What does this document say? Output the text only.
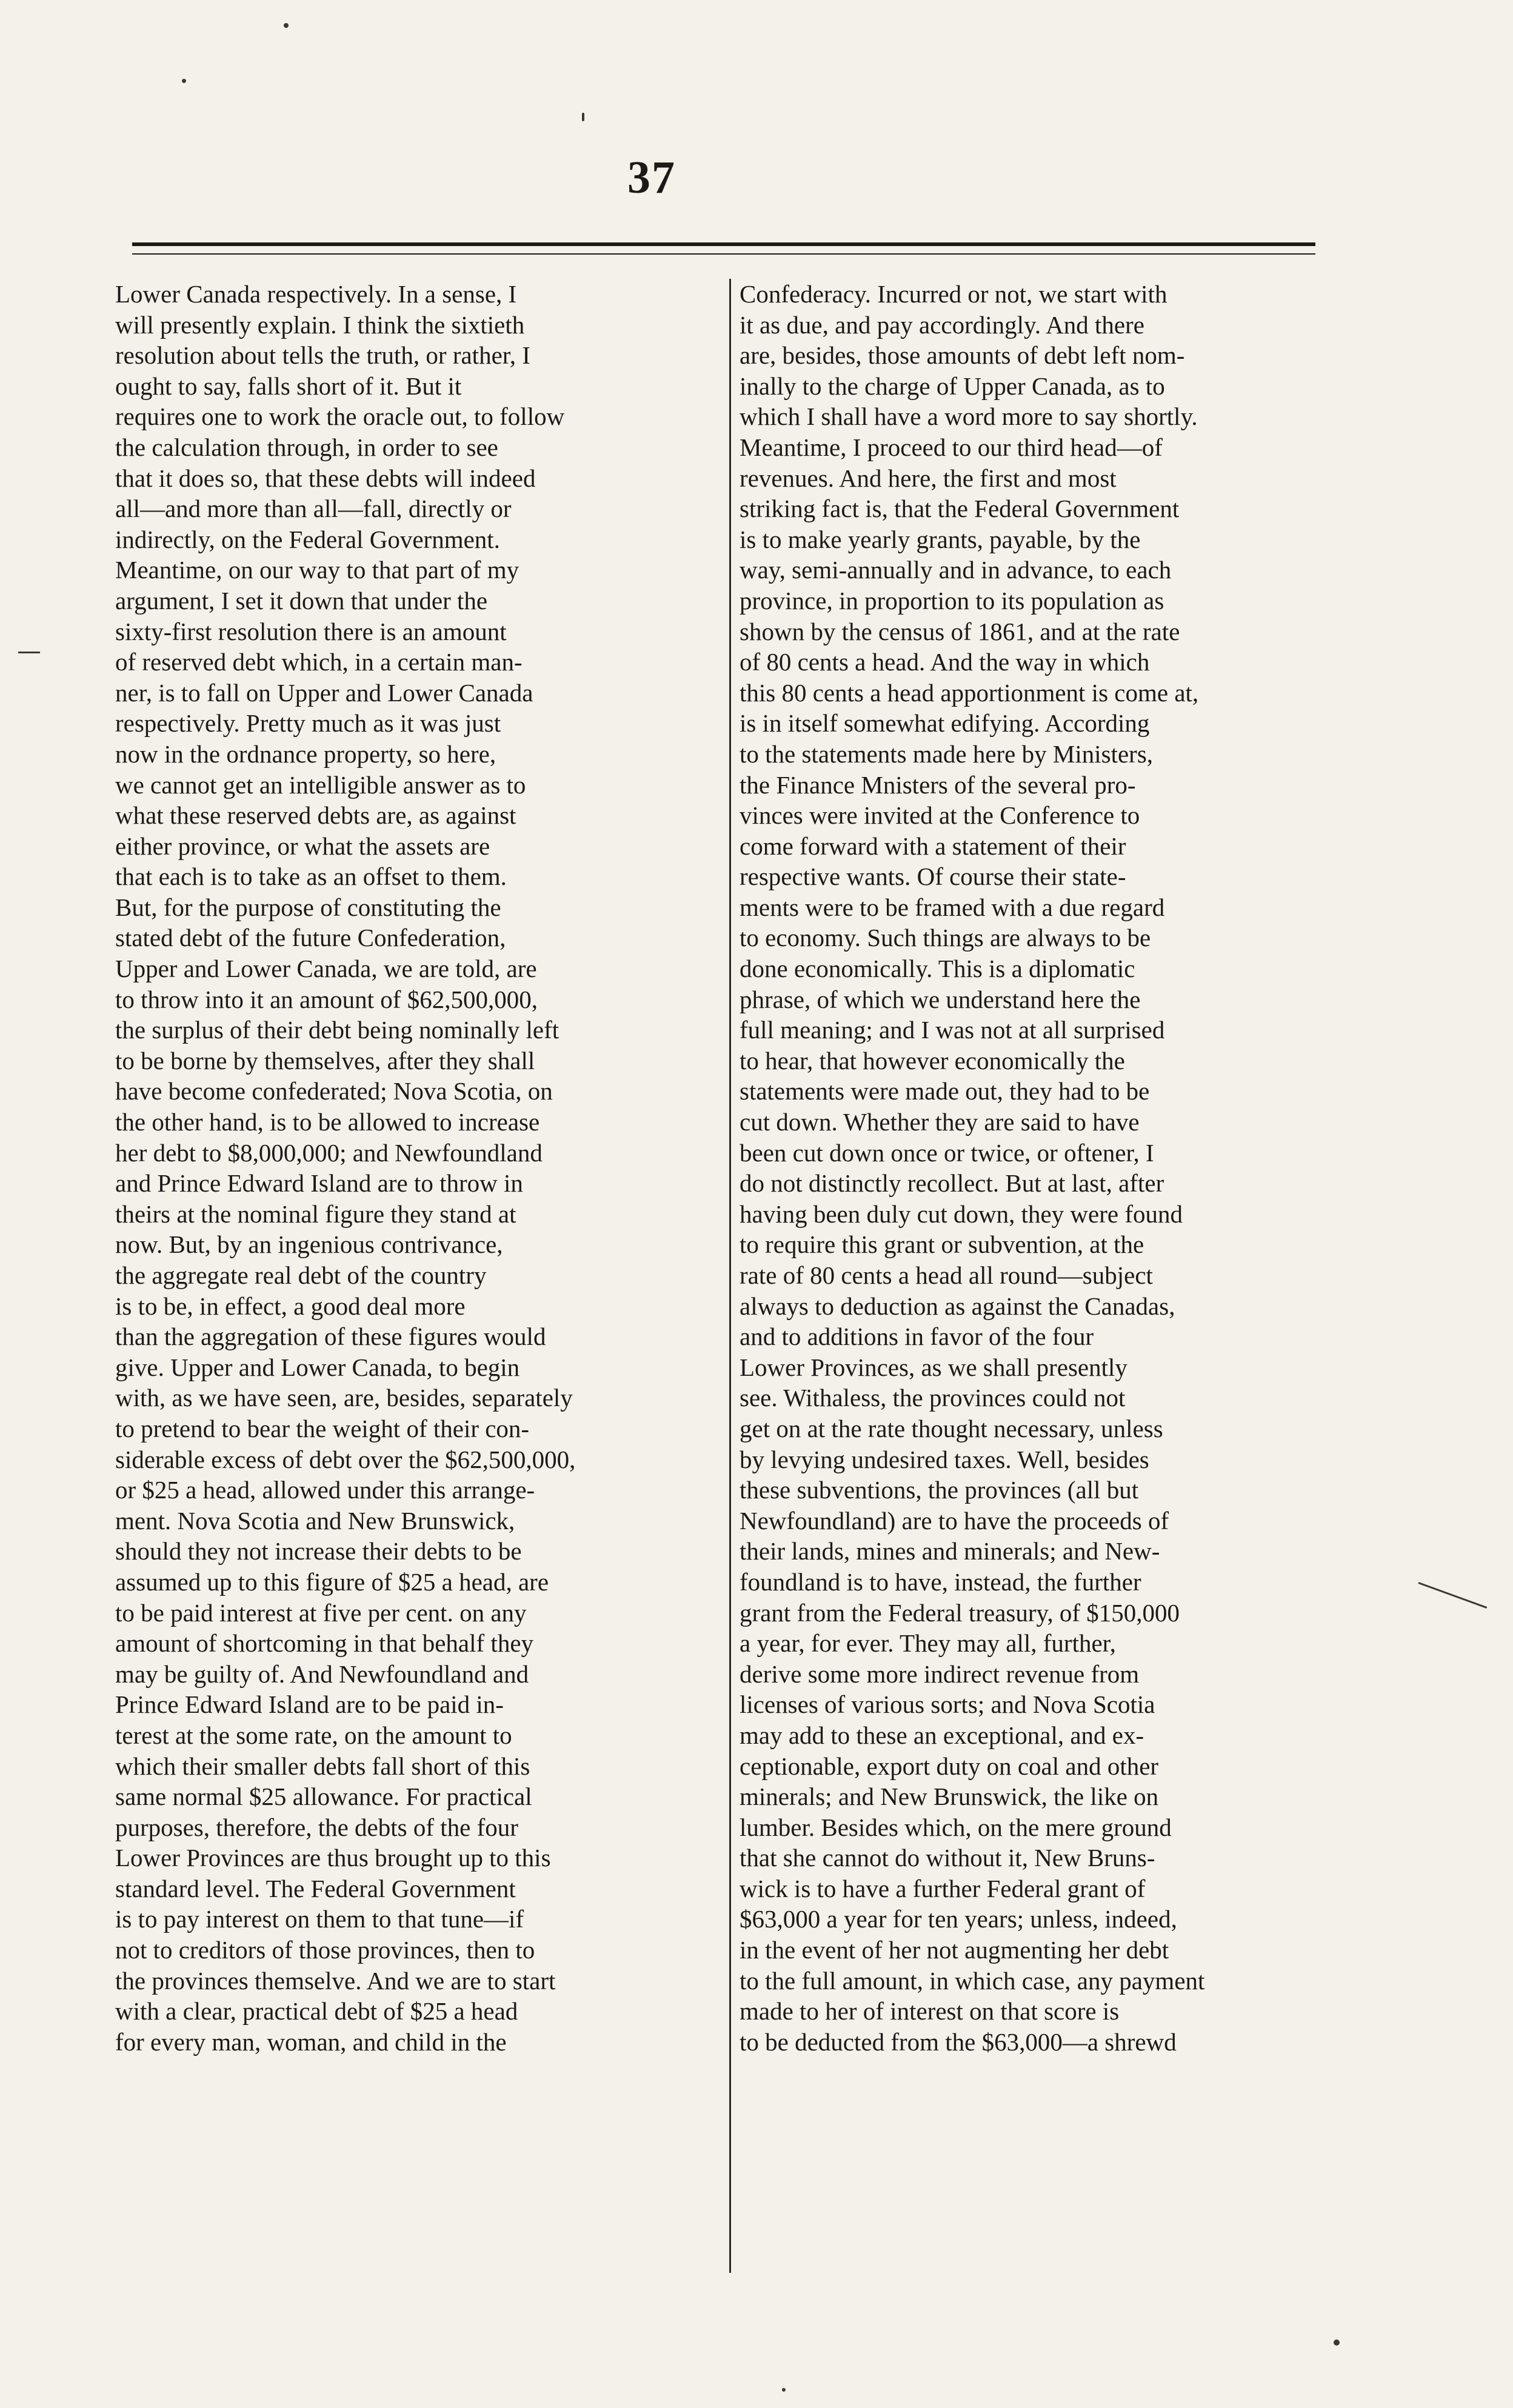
37
Lower Canada respectively. In a sense, I
will presently explain. I think the sixtieth
resolution about tells the truth, or rather, I
ought to say, falls short of it. But it
requires one to work the oracle out, to follow
the calculation through, in order to see
that it does so, that these debts will indeed
all—and more than all—fall, directly or
indirectly, on the Federal Government.
Meantime, on our way to that part of my
argument, I set it down that under the
sixty-first resolution there is an amount
of reserved debt which, in a certain man-
ner, is to fall on Upper and Lower Canada
respectively. Pretty much as it was just
now in the ordnance property, so here,
we cannot get an intelligible answer as to
what these reserved debts are, as against
either province, or what the assets are
that each is to take as an offset to them.
But, for the purpose of constituting the
stated debt of the future Confederation,
Upper and Lower Canada, we are told, are
to throw into it an amount of $62,500,000,
the surplus of their debt being nominally left
to be borne by themselves, after they shall
have become confederated; Nova Scotia, on
the other hand, is to be allowed to increase
her debt to $8,000,000; and Newfoundland
and Prince Edward Island are to throw in
theirs at the nominal figure they stand at
now. But, by an ingenious contrivance,
the aggregate real debt of the country
is to be, in effect, a good deal more
than the aggregation of these figures would
give. Upper and Lower Canada, to begin
with, as we have seen, are, besides, separately
to pretend to bear the weight of their con-
siderable excess of debt over the $62,500,000,
or $25 a head, allowed under this arrange-
ment. Nova Scotia and New Brunswick,
should they not increase their debts to be
assumed up to this figure of $25 a head, are
to be paid interest at five per cent. on any
amount of shortcoming in that behalf they
may be guilty of. And Newfoundland and
Prince Edward Island are to be paid in-
terest at the some rate, on the amount to
which their smaller debts fall short of this
same normal $25 allowance. For practical
purposes, therefore, the debts of the four
Lower Provinces are thus brought up to this
standard level. The Federal Government
is to pay interest on them to that tune—if
not to creditors of those provinces, then to
the provinces themselve. And we are to start
with a clear, practical debt of $25 a head
for every man, woman, and child in the
Confederacy. Incurred or not, we start with
it as due, and pay accordingly. And there
are, besides, those amounts of debt left nom-
inally to the charge of Upper Canada, as to
which I shall have a word more to say shortly.
Meantime, I proceed to our third head—of
revenues. And here, the first and most
striking fact is, that the Federal Government
is to make yearly grants, payable, by the
way, semi-annually and in advance, to each
province, in proportion to its population as
shown by the census of 1861, and at the rate
of 80 cents a head. And the way in which
this 80 cents a head apportionment is come at,
is in itself somewhat edifying. According
to the statements made here by Ministers,
the Finance Mnisters of the several pro-
vinces were invited at the Conference to
come forward with a statement of their
respective wants. Of course their state-
ments were to be framed with a due regard
to economy. Such things are always to be
done economically. This is a diplomatic
phrase, of which we understand here the
full meaning; and I was not at all surprised
to hear, that however economically the
statements were made out, they had to be
cut down. Whether they are said to have
been cut down once or twice, or oftener, I
do not distinctly recollect. But at last, after
having been duly cut down, they were found
to require this grant or subvention, at the
rate of 80 cents a head all round—subject
always to deduction as against the Canadas,
and to additions in favor of the four
Lower Provinces, as we shall presently
see. Withaless, the provinces could not
get on at the rate thought necessary, unless
by levying undesired taxes. Well, besides
these subventions, the provinces (all but
Newfoundland) are to have the proceeds of
their lands, mines and minerals; and New-
foundland is to have, instead, the further
grant from the Federal treasury, of $150,000
a year, for ever. They may all, further,
derive some more indirect revenue from
licenses of various sorts; and Nova Scotia
may add to these an exceptional, and ex-
ceptionable, export duty on coal and other
minerals; and New Brunswick, the like on
lumber. Besides which, on the mere ground
that she cannot do without it, New Bruns-
wick is to have a further Federal grant of
$63,000 a year for ten years; unless, indeed,
in the event of her not augmenting her debt
to the full amount, in which case, any payment
made to her of interest on that score is
to be deducted from the $63,000—a shrewd
